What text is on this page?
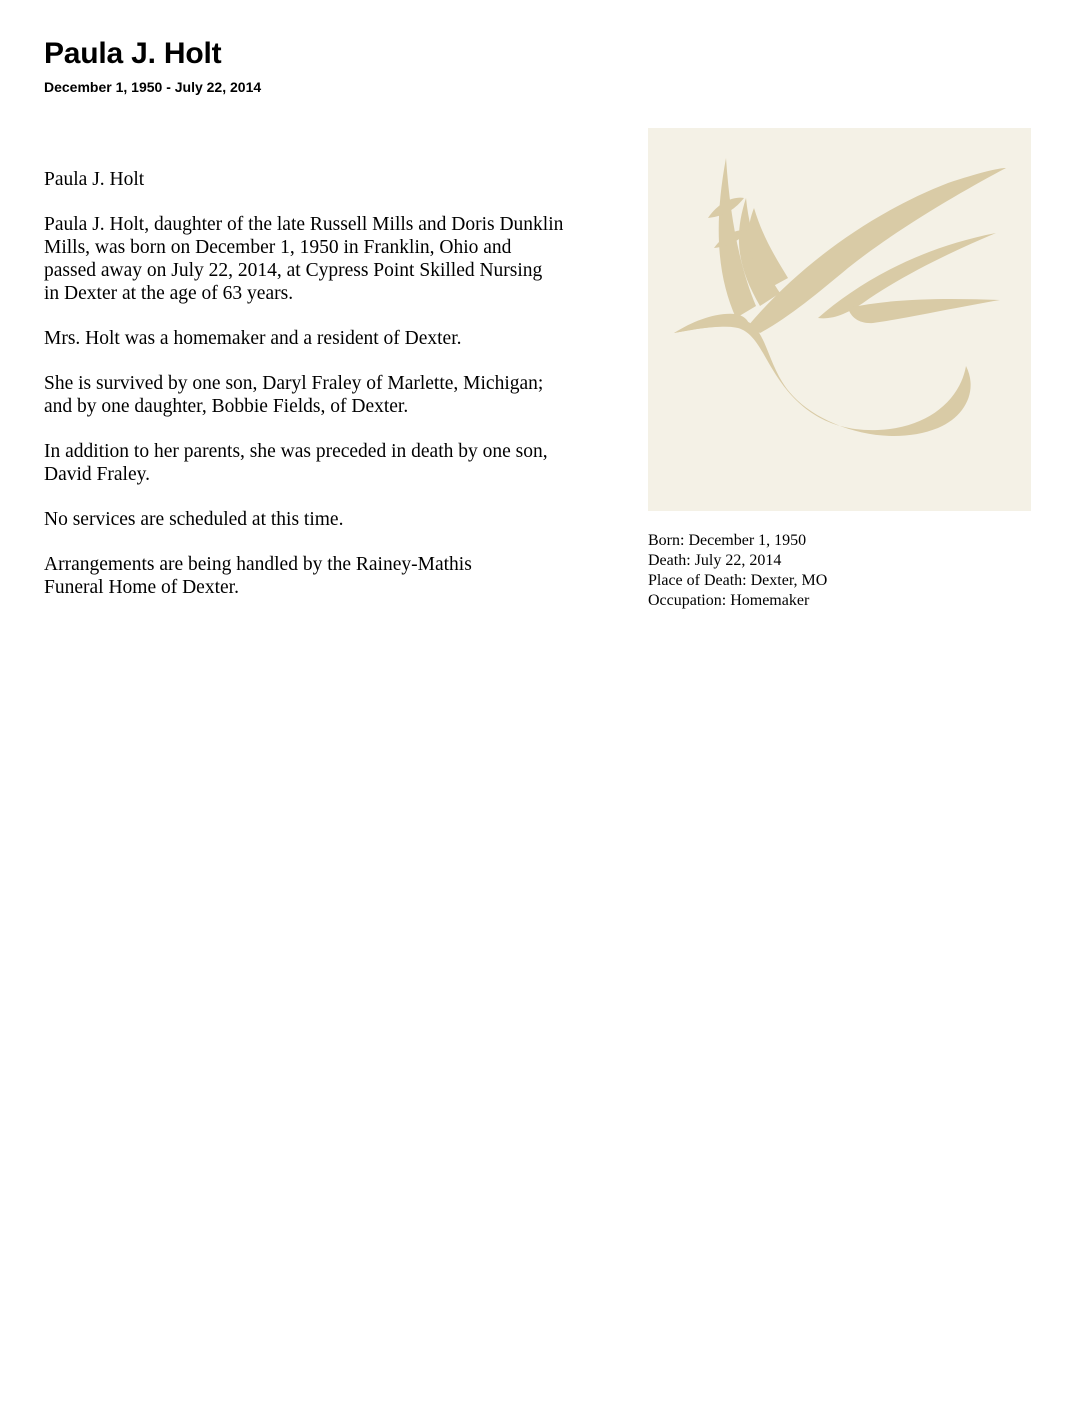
Paula J. Holt
December 1, 1950 - July 22, 2014

Paula J. Holt

Paula J. Holt, daughter of the late Russell Mills and Doris Dunklin
Mills, was born on December 1, 1950 in Franklin, Ohio and
passed away on July 22, 2014, at Cypress Point Skilled Nursing
in Dexter at the age of 63 years.

Mrs. Holt was a homemaker and a resident of Dexter.

She is survived by one son, Daryl Fraley of Marlette, Michigan;
and by one daughter, Bobbie Fields, of Dexter.

In addition to her parents, she was preceded in death by one son,
David Fraley.

No services are scheduled at this time.

Arrangements are being handled by the Rainey-Mathis
Funeral Home of Dexter.

Born: December 1, 1950
Death: July 22, 2014
Place of Death: Dexter, MO
Occupation: Homemaker
